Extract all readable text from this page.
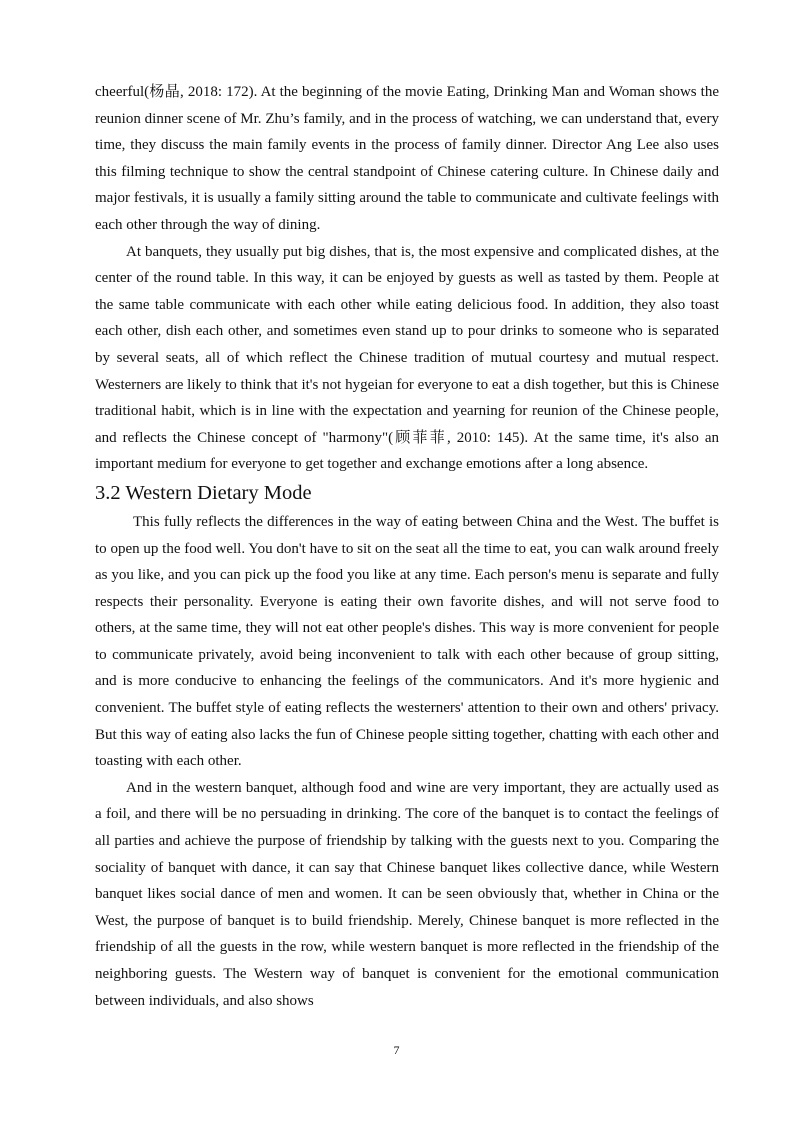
cheerful(杨晶, 2018: 172). At the beginning of the movie Eating, Drinking Man and Woman shows the reunion dinner scene of Mr. Zhu’s family, and in the process of watching, we can understand that, every time, they discuss the main family events in the process of family dinner. Director Ang Lee also uses this filming technique to show the central standpoint of Chinese catering culture. In Chinese daily and major festivals, it is usually a family sitting around the table to communicate and cultivate feelings with each other through the way of dining.

At banquets, they usually put big dishes, that is, the most expensive and complicated dishes, at the center of the round table. In this way, it can be enjoyed by guests as well as tasted by them. People at the same table communicate with each other while eating delicious food. In addition, they also toast each other, dish each other, and sometimes even stand up to pour drinks to someone who is separated by several seats, all of which reflect the Chinese tradition of mutual courtesy and mutual respect. Westerners are likely to think that it's not hygeian for everyone to eat a dish together, but this is Chinese traditional habit, which is in line with the expectation and yearning for reunion of the Chinese people, and reflects the Chinese concept of "harmony"(顾菲菲, 2010: 145). At the same time, it's also an important medium for everyone to get together and exchange emotions after a long absence.

3.2 Western Dietary Mode

This fully reflects the differences in the way of eating between China and the West. The buffet is to open up the food well. You don't have to sit on the seat all the time to eat, you can walk around freely as you like, and you can pick up the food you like at any time. Each person's menu is separate and fully respects their personality. Everyone is eating their own favorite dishes, and will not serve food to others, at the same time, they will not eat other people's dishes. This way is more convenient for people to communicate privately, avoid being inconvenient to talk with each other because of group sitting, and is more conducive to enhancing the feelings of the communicators. And it's more hygienic and convenient. The buffet style of eating reflects the westerners' attention to their own and others' privacy. But this way of eating also lacks the fun of Chinese people sitting together, chatting with each other and toasting with each other.

And in the western banquet, although food and wine are very important, they are actually used as a foil, and there will be no persuading in drinking. The core of the banquet is to contact the feelings of all parties and achieve the purpose of friendship by talking with the guests next to you. Comparing the sociality of banquet with dance, it can say that Chinese banquet likes collective dance, while Western banquet likes social dance of men and women. It can be seen obviously that, whether in China or the West, the purpose of banquet is to build friendship. Merely, Chinese banquet is more reflected in the friendship of all the guests in the row, while western banquet is more reflected in the friendship of the neighboring guests. The Western way of banquet is convenient for the emotional communication between individuals, and also shows

7
